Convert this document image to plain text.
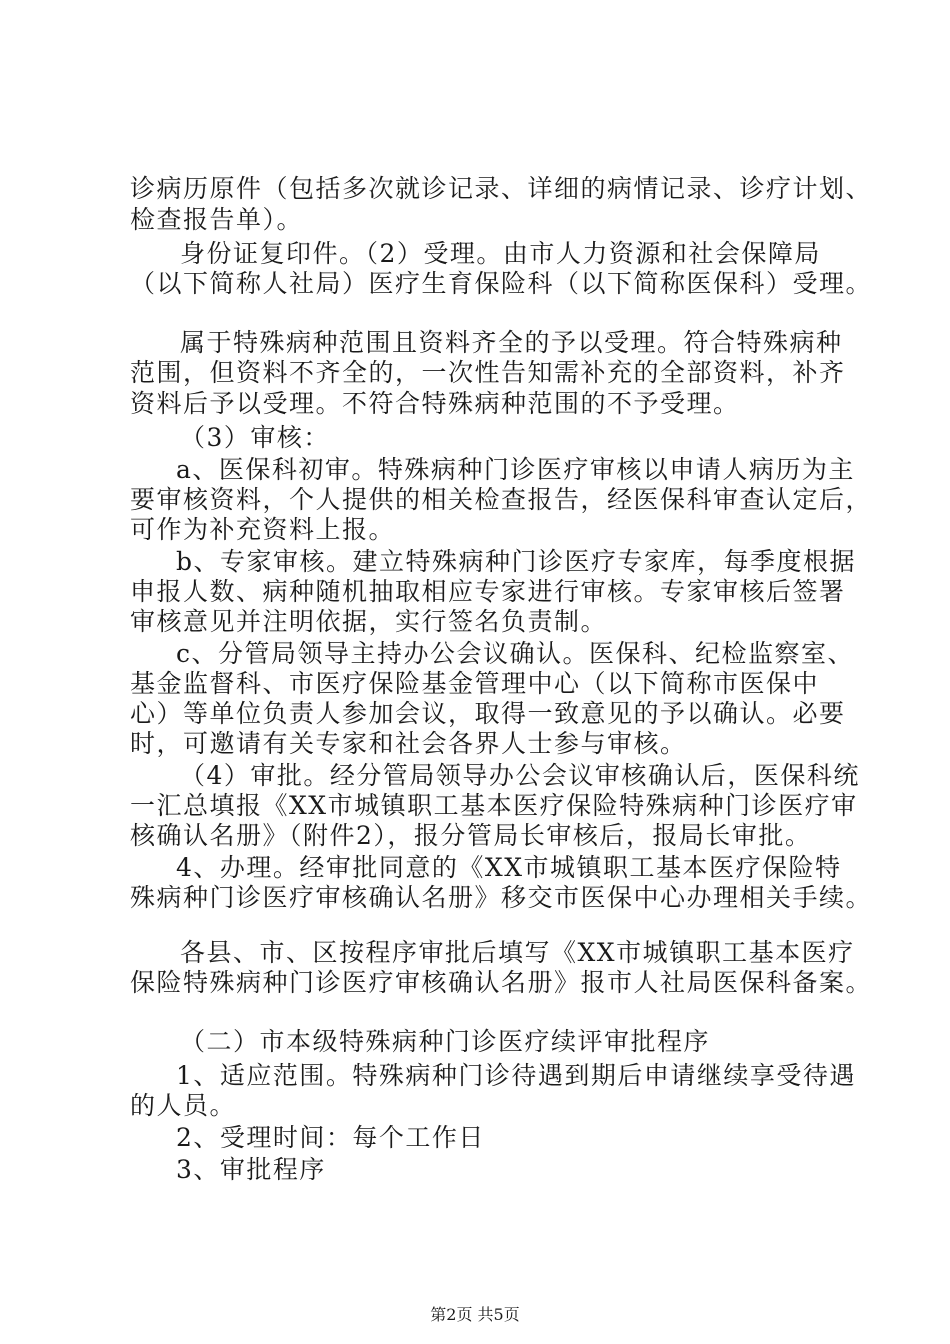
诊病历原件（包括多次就诊记录、详细的病情记录、诊疗计划、

检查报告单）。

身份证复印件。（2）受理。由市人力资源和社会保障局

（以下简称人社局）医疗生育保险科（以下简称医保科）受理。

属于特殊病种范围且资料齐全的予以受理。符合特殊病种

范围，但资料不齐全的，一次性告知需补充的全部资料，补齐

资料后予以受理。不符合特殊病种范围的不予受理。

（3）审核：

a、医保科初审。特殊病种门诊医疗审核以申请人病历为主

要审核资料，个人提供的相关检查报告，经医保科审查认定后，

可作为补充资料上报。

b、专家审核。建立特殊病种门诊医疗专家库，每季度根据

申报人数、病种随机抽取相应专家进行审核。专家审核后签署

审核意见并注明依据，实行签名负责制。

c、分管局领导主持办公会议确认。医保科、纪检监察室、

基金监督科、市医疗保险基金管理中心（以下简称市医保中

心）等单位负责人参加会议，取得一致意见的予以确认。必要

时，可邀请有关专家和社会各界人士参与审核。

（4）审批。经分管局领导办公会议审核确认后，医保科统

一汇总填报《XX市城镇职工基本医疗保险特殊病种门诊医疗审

核确认名册》（附件2），报分管局长审核后，报局长审批。

4、办理。经审批同意的《XX市城镇职工基本医疗保险特

殊病种门诊医疗审核确认名册》移交市医保中心办理相关手续。

各县、市、区按程序审批后填写《XX市城镇职工基本医疗

保险特殊病种门诊医疗审核确认名册》报市人社局医保科备案。

（二）市本级特殊病种门诊医疗续评审批程序

1、适应范围。特殊病种门诊待遇到期后申请继续享受待遇

的人员。

2、受理时间：每个工作日

3、审批程序

第2页 共5页
